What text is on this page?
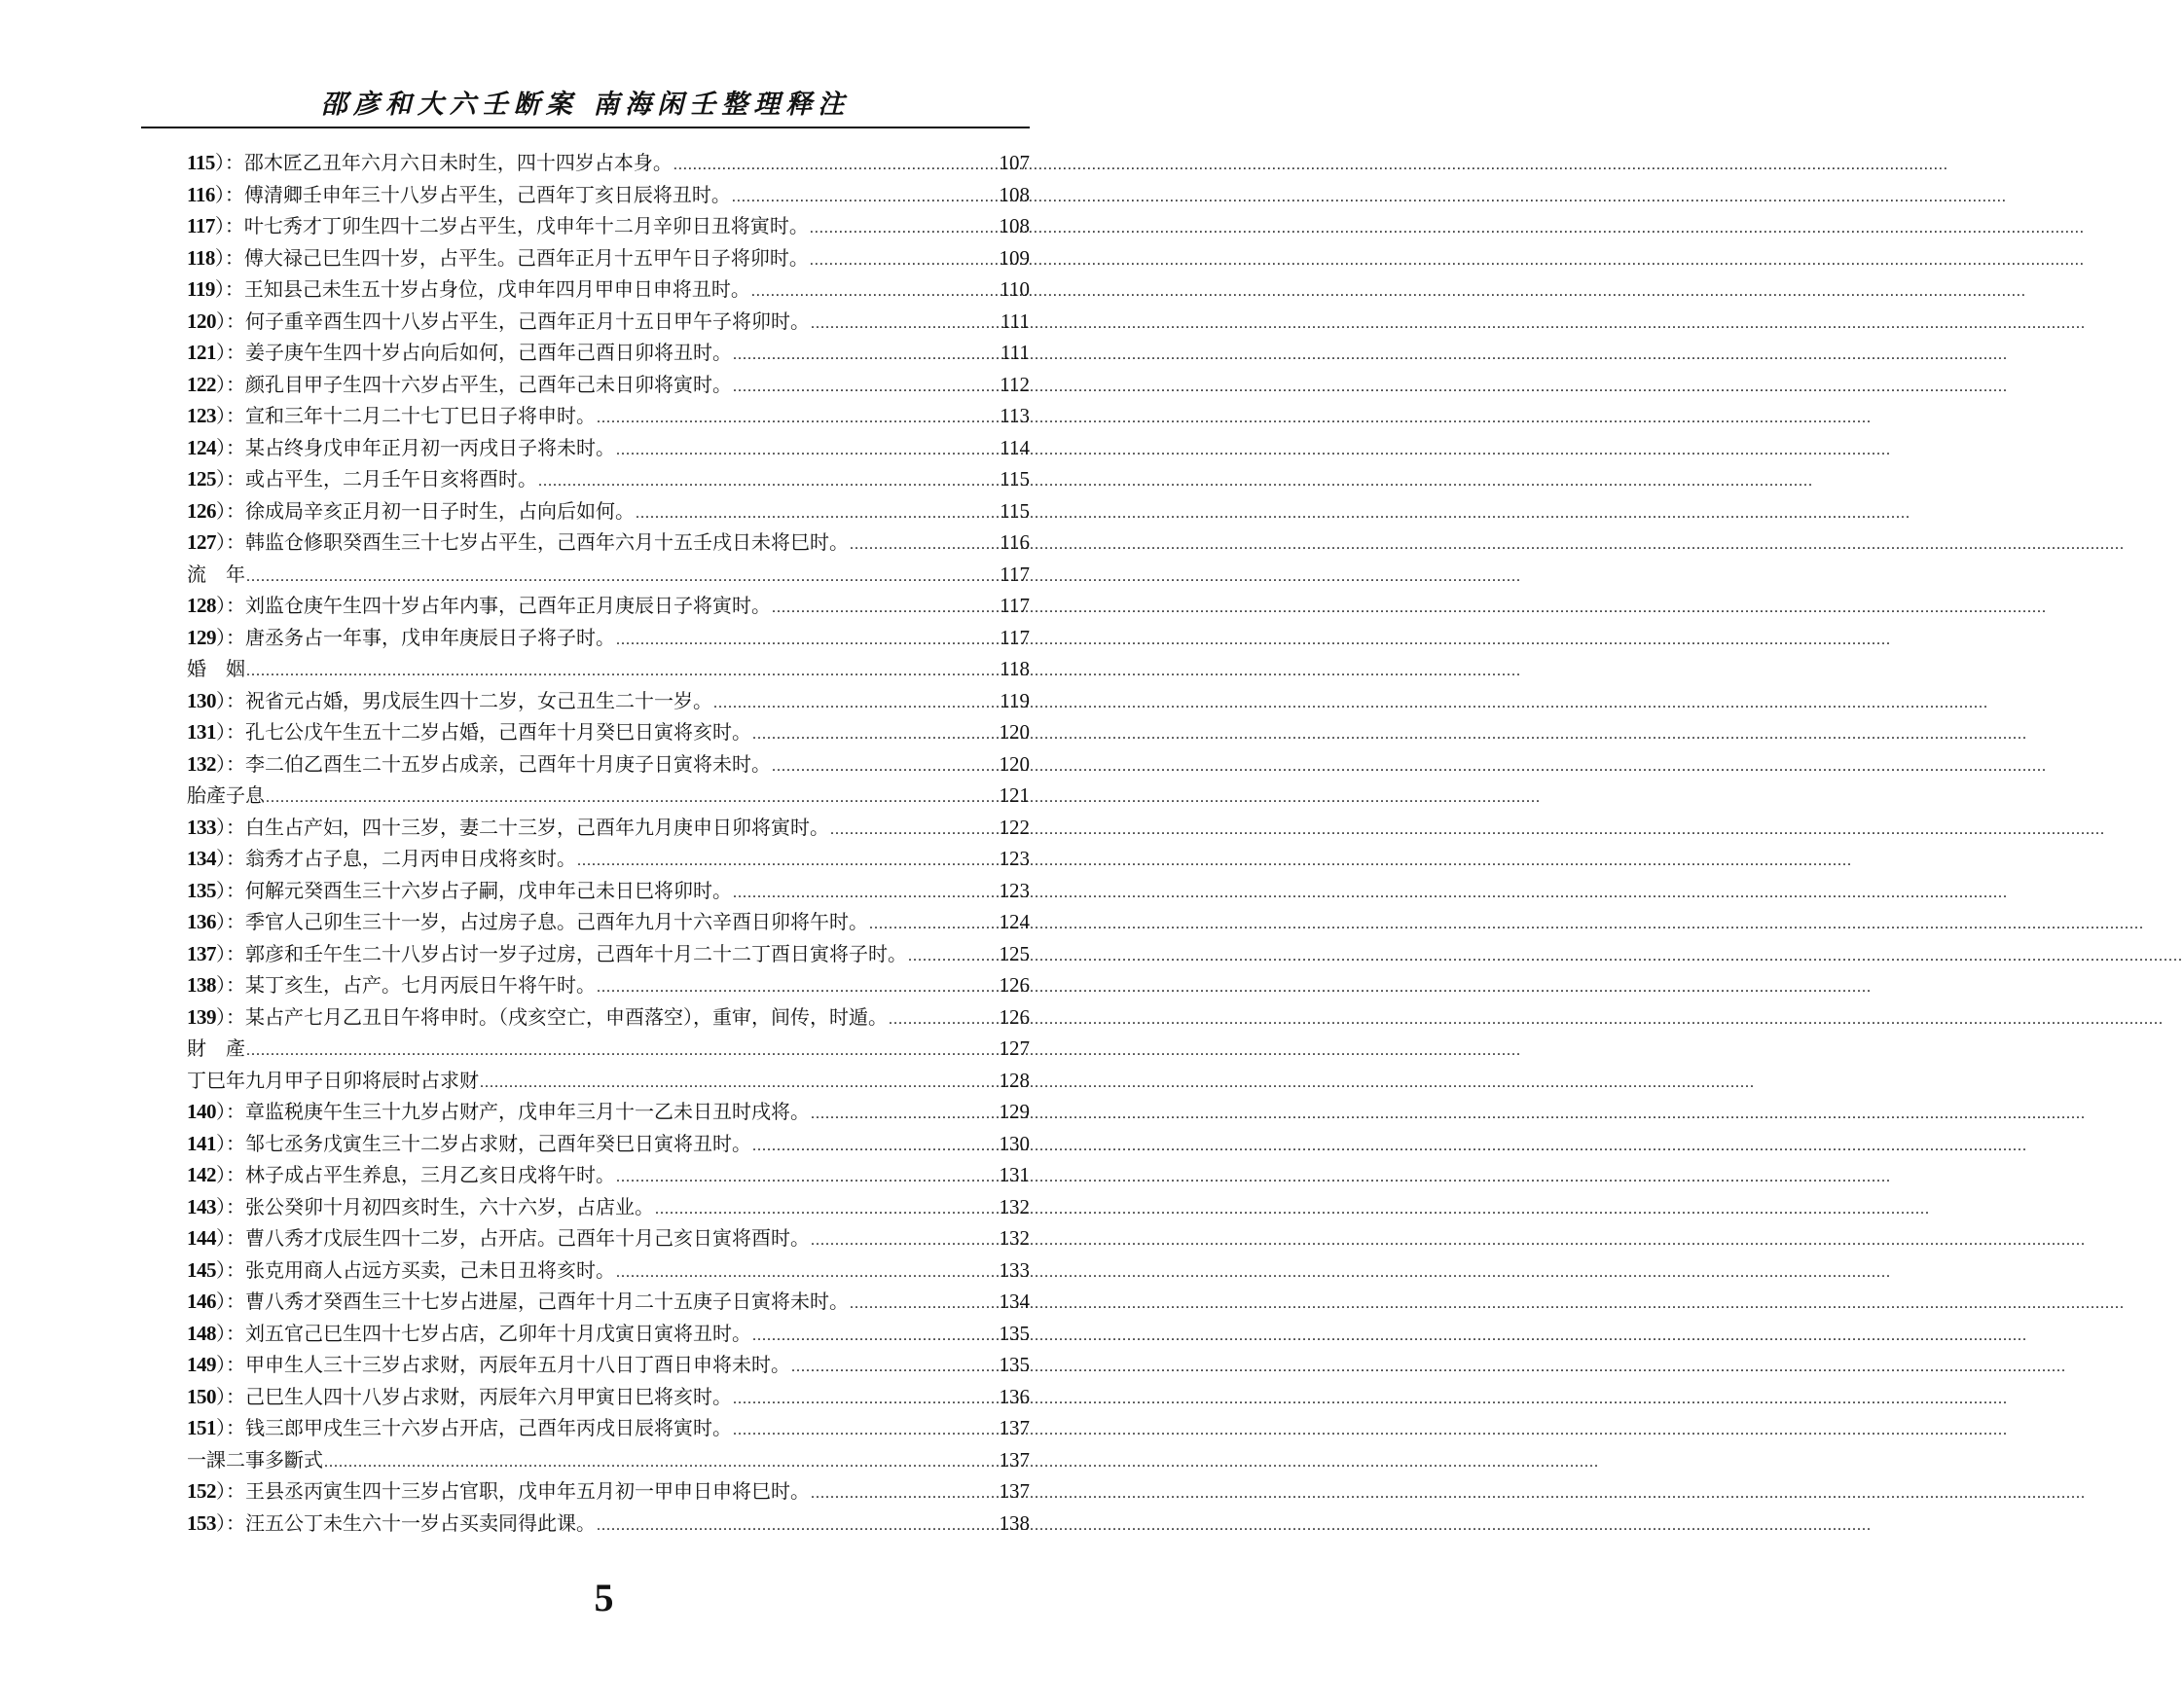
邵彦和大六壬断案 南海闲壬整理释注
115）：邵木匠乙丑年六月六日未时生，四十四岁占本身。 .....	107
116）：傅清卿壬申年三十八岁占平生，己酉年丁亥日辰将丑时。 .....	108
117）：叶七秀才丁卯生四十二岁占平生，戊申年十二月辛卯日丑将寅时。 .....	108
118）：傅大禄己巳生四十岁，占平生。己酉年正月十五甲午日子将卯时。 .....	109
119）：王知县己未生五十岁占身位，戊申年四月甲申日申将丑时。 .....	110
120）：何子重辛酉生四十八岁占平生，己酉年正月十五日甲午子将卯时。 .....	111
121）：姜子庚午生四十岁占向后如何，己酉年己酉日卯将丑时。 .....	111
122）：颜孔目甲子生四十六岁占平生，己酉年己未日卯将寅时。 .....	112
123）：宣和三年十二月二十七丁巳日子将申时。 .....	113
124）：某占终身戊申年正月初一丙戌日子将未时。 .....	114
125）：或占平生，二月壬午日亥将酉时。 .....	115
126）：徐成局辛亥正月初一日子时生，占向后如何。 .....	115
127）：韩监仓修职癸酉生三十七岁占平生，己酉年六月十五壬戌日未将巳时。 .....	116
流　年 .....	117
128）：刘监仓庚午生四十岁占年内事，己酉年正月庚辰日子将寅时。 .....	117
129）：唐丞务占一年事，戊申年庚辰日子将子时。 .....	117
婚　姻 .....	118
130）：祝省元占婚，男戊辰生四十二岁，女己丑生二十一岁。 .....	119
131）：孔七公戊午生五十二岁占婚，己酉年十月癸巳日寅将亥时。 .....	120
132）：李二伯乙酉生二十五岁占成亲，己酉年十月庚子日寅将未时。 .....	120
胎產子息 .....	121
133）：白生占产妇，四十三岁，妻二十三岁，己酉年九月庚申日卯将寅时。 .....	122
134）：翁秀才占子息，二月丙申日戌将亥时。 .....	123
135）：何解元癸酉生三十六岁占子嗣，戊申年己未日巳将卯时。 .....	123
136）：季官人己卯生三十一岁，占过房子息。己酉年九月十六辛酉日卯将午时。 .....	124
137）：郭彦和壬午生二十八岁占讨一岁子过房，己酉年十月二十二丁酉日寅将子时。 .....	125
138）：某丁亥生，占产。七月丙辰日午将午时。 .....	126
139）：某占产七月乙丑日午将申时。（戌亥空亡，申酉落空），重审，间传，时遁。 .....	126
財　產 .....	127
丁巳年九月甲子日卯将辰时占求财 .....	128
140）：章监税庚午生三十九岁占财产，戊申年三月十一乙未日丑时戌将。 .....	129
141）：邹七丞务戊寅生三十二岁占求财，己酉年癸巳日寅将丑时。 .....	130
142）：林子成占平生养息，三月乙亥日戌将午时。 .....	131
143）：张公癸卯十月初四亥时生，六十六岁，占店业。 .....	132
144）：曹八秀才戊辰生四十二岁，占开店。己酉年十月己亥日寅将酉时。 .....	132
145）：张克用商人占远方买卖，己未日丑将亥时。 .....	133
146）：曹八秀才癸酉生三十七岁占进屋，己酉年十月二十五庚子日寅将未时。 .....	134
148）：刘五官己巳生四十七岁占店，乙卯年十月戊寅日寅将丑时。 .....	135
149）：甲申生人三十三岁占求财，丙辰年五月十八日丁酉日申将未时。 .....	135
150）：己巳生人四十八岁占求财，丙辰年六月甲寅日巳将亥时。 .....	136
151）：钱三郎甲戌生三十六岁占开店，己酉年丙戌日辰将寅时。 .....	137
一課二事多斷式 .....	137
152）：王县丞丙寅生四十三岁占官职，戊申年五月初一甲申日申将巳时。 .....	137
153）：汪五公丁未生六十一岁占买卖同得此课。 .....	138
5
